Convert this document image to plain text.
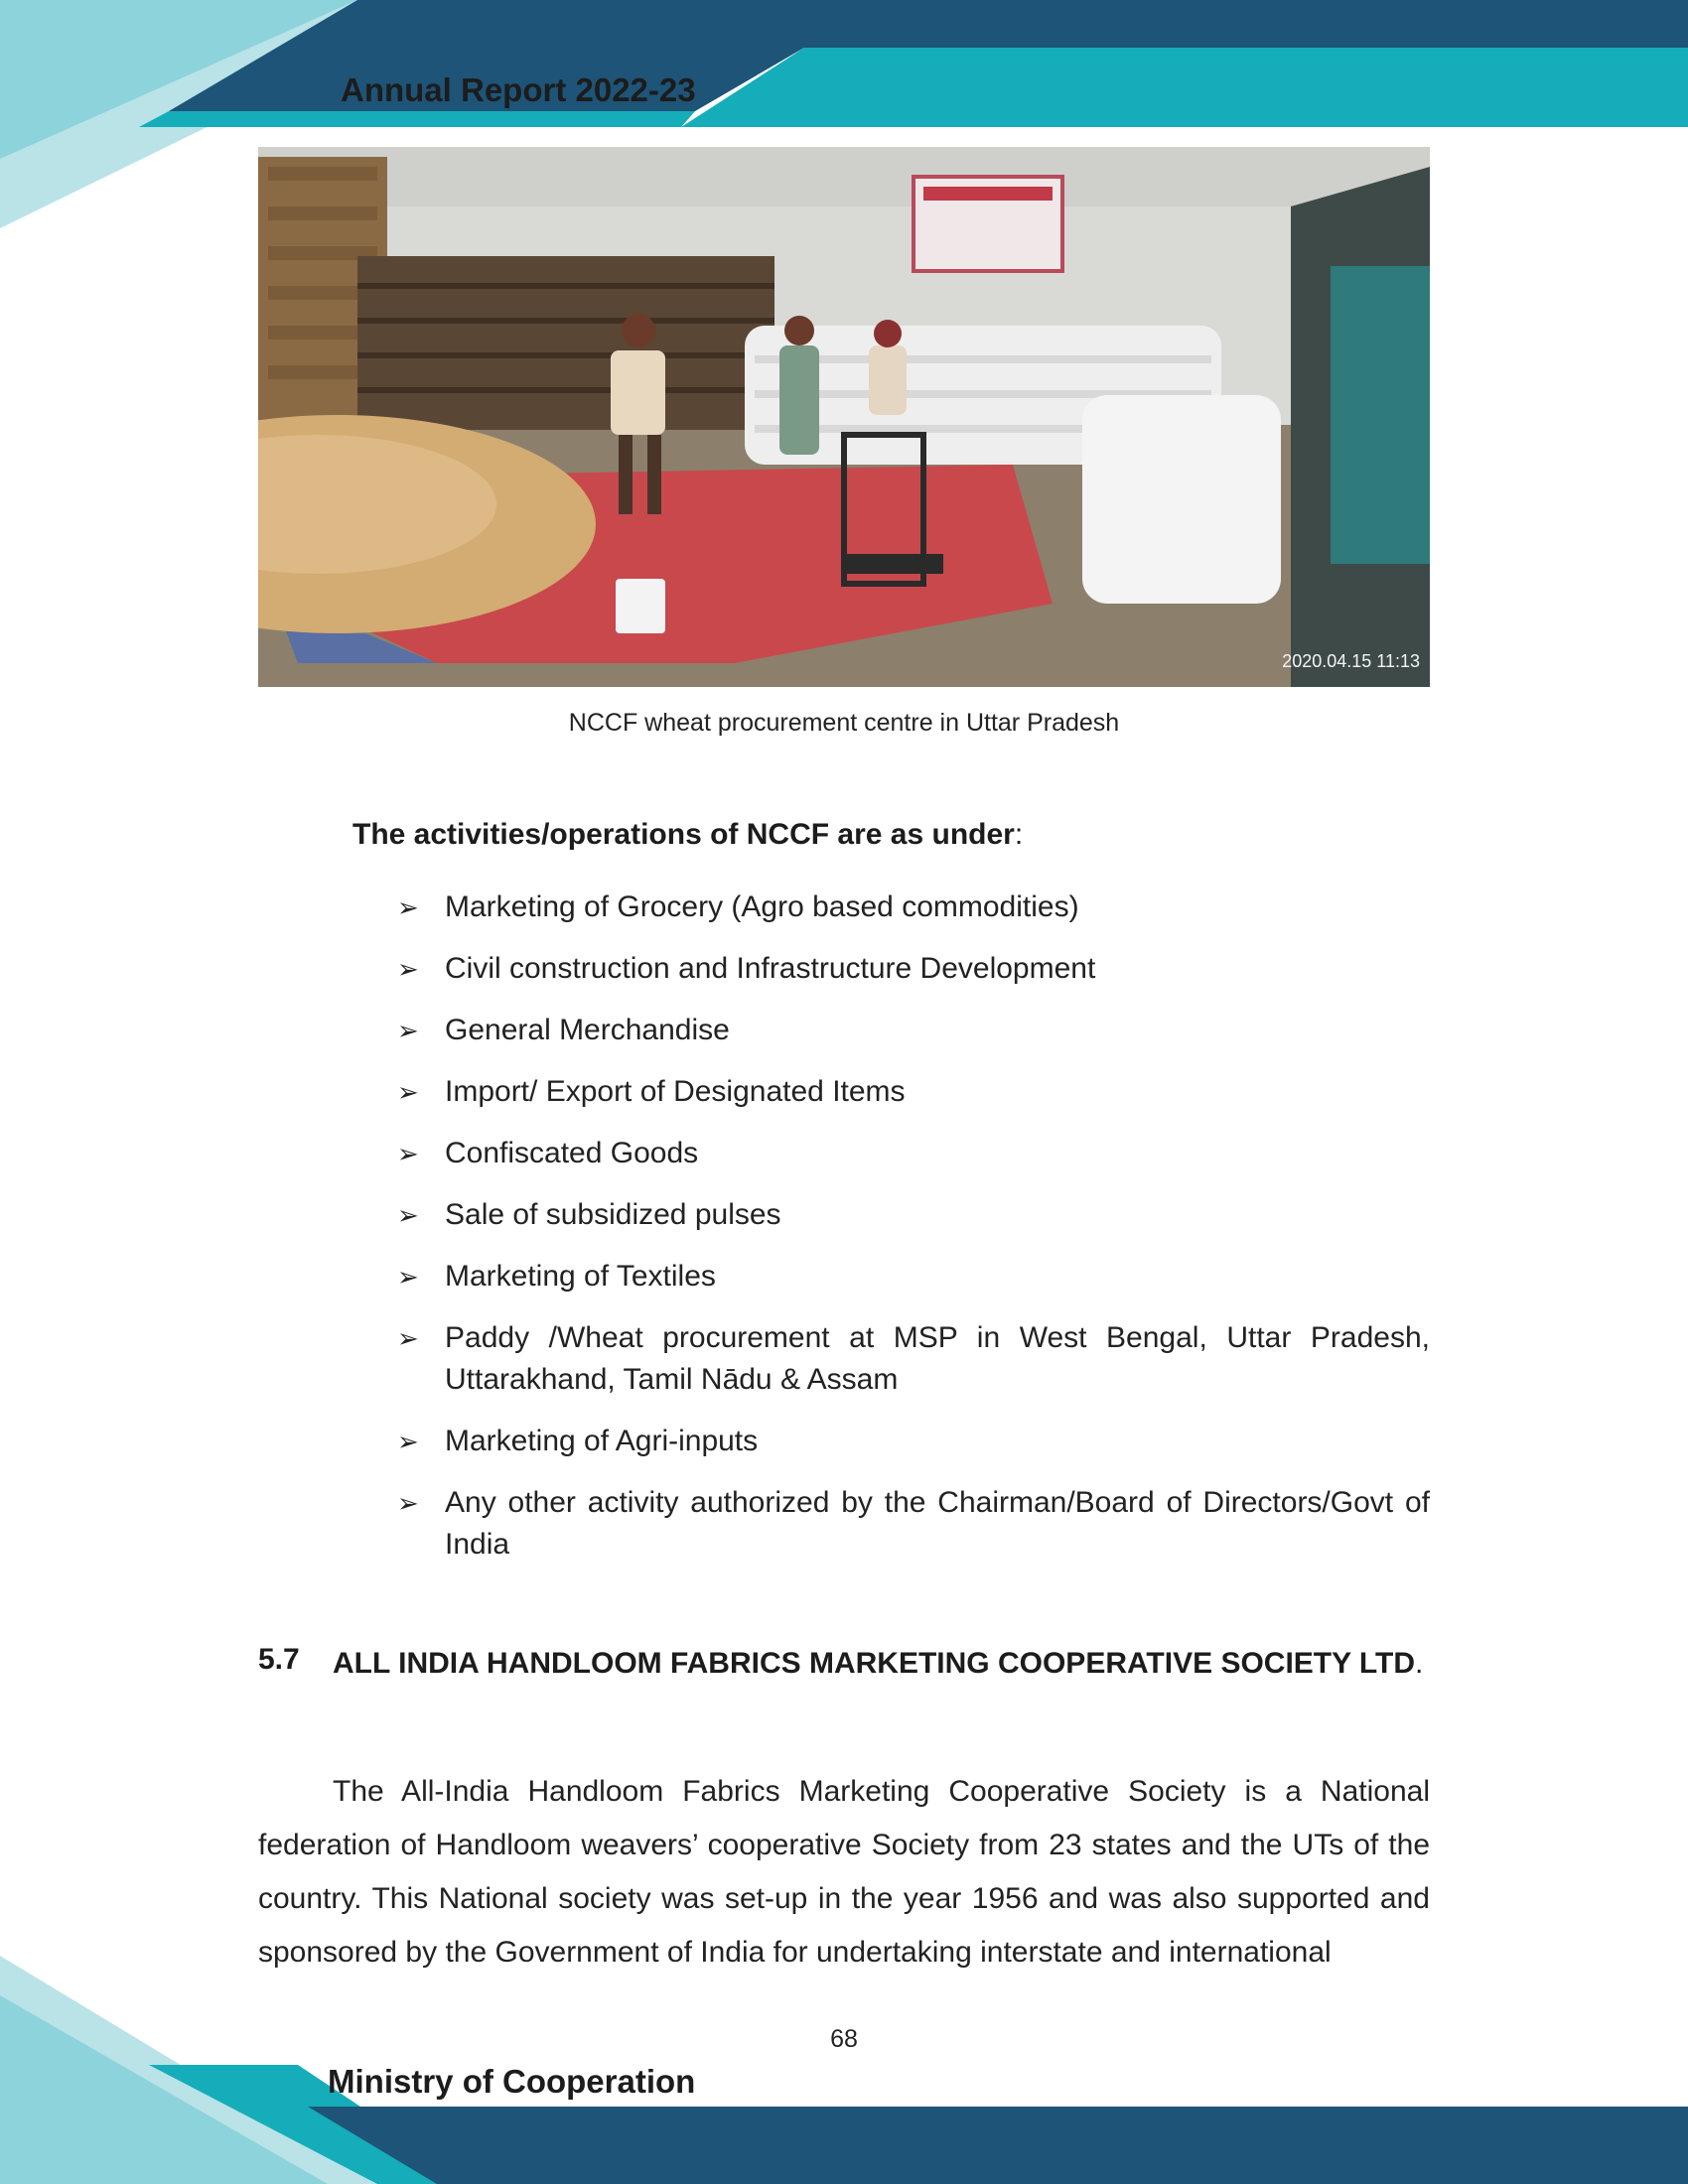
Annual Report 2022-23
2020.04.15 11:13
NCCF wheat procurement centre in Uttar Pradesh
The activities/operations of NCCF are as under:
➢ Marketing of Grocery (Agro based commodities)
➢ Civil construction and Infrastructure Development
➢ General Merchandise
➢ Import/ Export of Designated Items
➢ Confiscated Goods
➢ Sale of subsidized pulses
➢ Marketing of Textiles
➢ Paddy /Wheat procurement at MSP in West Bengal, Uttar Pradesh, Uttarakhand, Tamil Nādu & Assam
➢ Marketing of Agri-inputs
➢ Any other activity authorized by the Chairman/Board of Directors/Govt of India
5.7 ALL INDIA HANDLOOM FABRICS MARKETING COOPERATIVE SOCIETY LTD.
The All-India Handloom Fabrics Marketing Cooperative Society is a National federation of Handloom weavers’ cooperative Society from 23 states and the UTs of the country. This National society was set-up in the year 1956 and was also supported and sponsored by the Government of India for undertaking interstate and international
68
Ministry of Cooperation
